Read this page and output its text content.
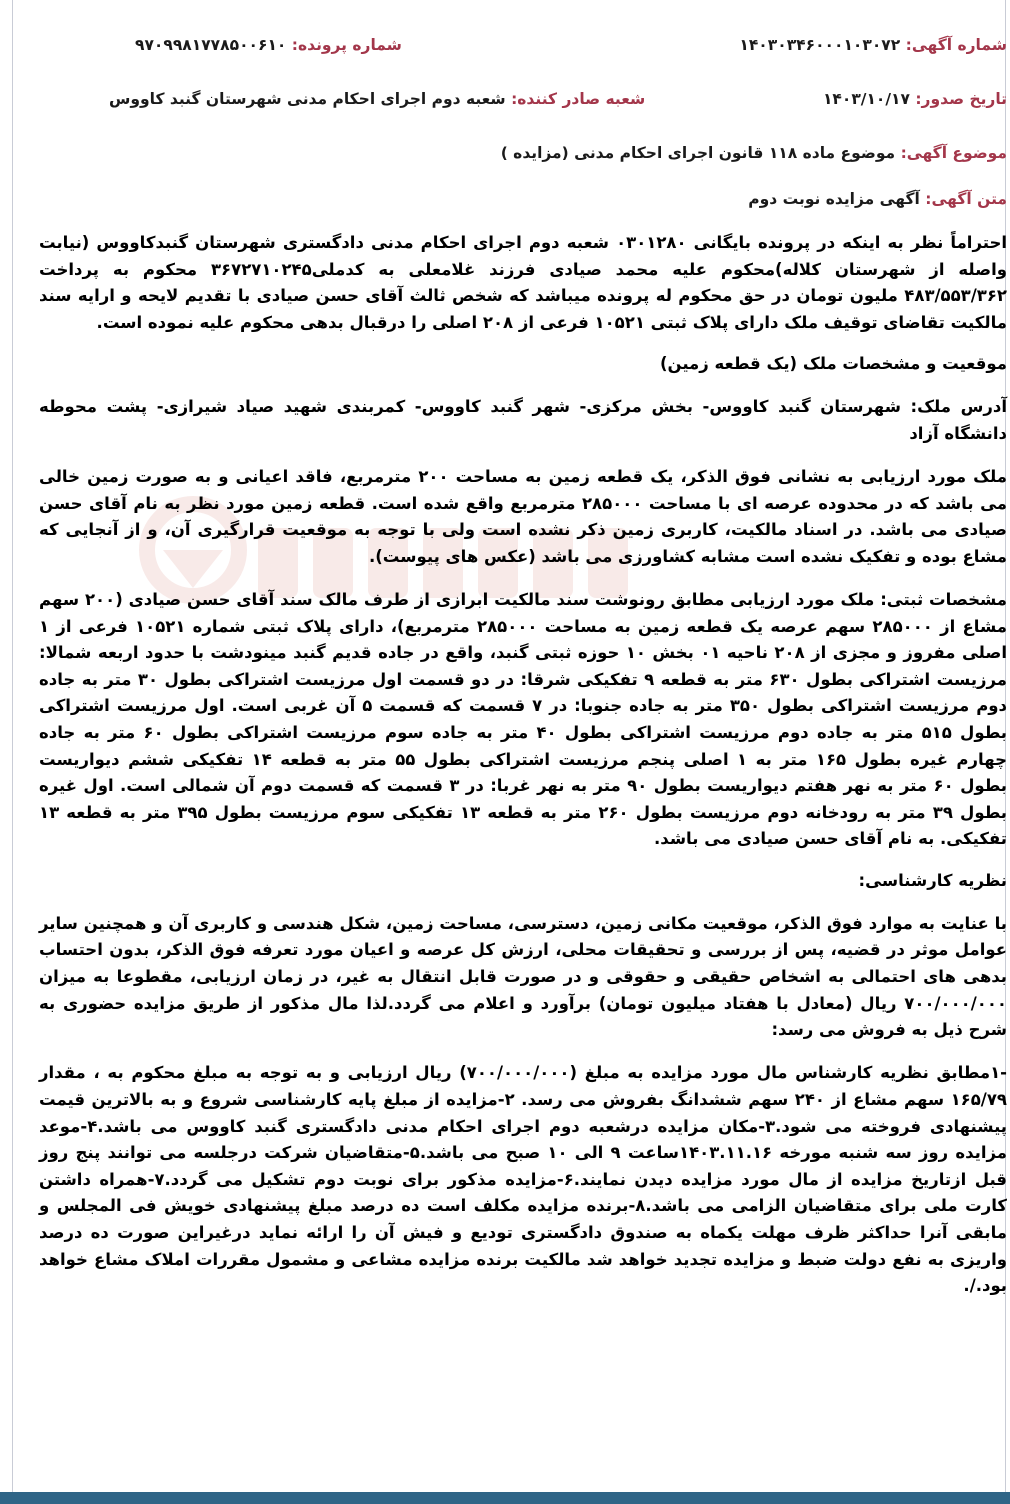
شماره آگهی: ۱۴۰۳۰۳۴۶۰۰۰۱۰۳۰۷۲
شماره پرونده: ۹۷۰۹۹۸۱۷۷۸۵۰۰۶۱۰
تاریخ صدور: ۱۴۰۳/۱۰/۱۷
شعبه صادر کننده: شعبه دوم اجرای احکام مدنی شهرستان گنبد کاووس
موضوع آگهی: موضوع ماده ۱۱۸ قانون اجرای احکام مدنی (مزایده )
متن آگهی: آگهی مزایده نوبت دوم

احتراماً نظر به اینکه در پرونده بایگانی ۰۳۰۱۲۸۰ شعبه دوم اجرای احکام مدنی دادگستری شهرستان گنبدکاووس (نیابت واصله از شهرستان کلاله)محکوم علیه محمد صیادی فرزند غلامعلی به کدملی۳۶۷۲۷۱۰۲۴۵ محکوم به پرداخت ۴۸۳/۵۵۳/۳۶۲ ملیون تومان در حق محکوم له پرونده میباشد که شخص ثالث آقای حسن صیادی با تقدیم لایحه و ارایه سند مالکیت تقاضای توقیف ملک دارای پلاک ثبتی ۱۰۵۲۱ فرعی از ۲۰۸ اصلی را درقبال بدهی محکوم علیه نموده است.

موقعیت و مشخصات ملک (یک قطعه زمین)

آدرس ملک: شهرستان گنبد کاووس- بخش مرکزی- شهر گنبد کاووس- کمربندی شهید صیاد شیرازی- پشت محوطه دانشگاه آزاد

ملک مورد ارزیابی به نشانی فوق الذکر، یک قطعه زمین به مساحت ۲۰۰ مترمربع، فاقد اعیانی و به صورت زمین خالی می باشد که در محدوده عرصه ای با مساحت ۲۸۵۰۰۰ مترمربع واقع شده است. قطعه زمین مورد نظر به نام آقای حسن صیادی می باشد. در اسناد مالکیت، کاربری زمین ذکر نشده است ولی با توجه به موقعیت قرارگیری آن، و از آنجایی که مشاع بوده و تفکیک نشده است مشابه کشاورزی می باشد (عکس های پیوست).

مشخصات ثبتی: ملک مورد ارزیابی مطابق رونوشت سند مالکیت ابرازی از طرف مالک سند آقای حسن صیادی (۲۰۰ سهم مشاع از ۲۸۵۰۰۰ سهم عرصه یک قطعه زمین به مساحت ۲۸۵۰۰۰ مترمربع)، دارای پلاک ثبتی شماره ۱۰۵۲۱ فرعی از ۱ اصلی مفروز و مجزی از ۲۰۸ ناحیه ۰۱ بخش ۱۰ حوزه ثبتی گنبد، واقع در جاده قدیم گنبد مینودشت با حدود اربعه شمالا: مرزیست اشتراکی بطول ۶۳۰ متر به قطعه ۹ تفکیکی شرقا: در دو قسمت اول مرزیست اشتراکی بطول ۳۰ متر به جاده دوم مرزیست اشتراکی بطول ۳۵۰ متر به جاده جنوبا: در ۷ قسمت که قسمت ۵ آن غربی است. اول مرزیست اشتراکی بطول ۵۱۵ متر به جاده دوم مرزیست اشتراکی بطول ۴۰ متر به جاده سوم مرزیست اشتراکی بطول ۶۰ متر به جاده چهارم غیره بطول ۱۶۵ متر به ۱ اصلی پنجم مرزیست اشتراکی بطول ۵۵ متر به قطعه ۱۴ تفکیکی ششم دیواریست بطول ۶۰ متر به نهر هفتم دیواریست بطول ۹۰ متر به نهر غربا: در ۳ قسمت که قسمت دوم آن شمالی است. اول غیره بطول ۳۹ متر به رودخانه دوم مرزیست بطول ۲۶۰ متر به قطعه ۱۳ تفکیکی سوم مرزیست بطول ۳۹۵ متر به قطعه ۱۳ تفکیکی. به نام آقای حسن صیادی می باشد.

نظریه کارشناسی:

با عنایت به موارد فوق الذکر، موقعیت مکانی زمین، دسترسی، مساحت زمین، شکل هندسی و کاربری آن و همچنین سایر عوامل موثر در قضیه، پس از بررسی و تحقیقات محلی، ارزش کل عرصه و اعیان مورد تعرفه فوق الذکر، بدون احتساب بدهی های احتمالی به اشخاص حقیقی و حقوقی و در صورت قابل انتقال به غیر، در زمان ارزیابی، مقطوعا به میزان ۷۰۰/۰۰۰/۰۰۰ ریال (معادل با هفتاد میلیون تومان) برآورد و اعلام می گردد.لذا مال مذکور از طریق مزایده حضوری به شرح ذیل به فروش می رسد:

-۱مطابق نظریه کارشناس مال مورد مزایده به مبلغ (۷۰۰/۰۰۰/۰۰۰) ریال ارزیابی و به توجه به مبلغ محکوم به ، مقدار ۱۶۵/۷۹ سهم مشاع از ۲۴۰ سهم ششدانگ بفروش می رسد. ۲-مزایده از مبلغ پایه کارشناسی شروع و به بالاترین قیمت پیشنهادی فروخته می شود.۳-مکان مزایده درشعبه دوم اجرای احکام مدنی دادگستری گنبد کاووس می باشد.۴-موعد مزایده روز سه شنبه مورخه ۱۴۰۳.۱۱.۱۶ساعت ۹ الی ۱۰ صبح می باشد.۵-متقاضیان شرکت درجلسه می توانند پنج روز قبل ازتاریخ مزایده از مال مورد مزایده دیدن نمایند.۶-مزایده مذکور برای نوبت دوم تشکیل می گردد.۷-همراه داشتن کارت ملی برای متقاضیان الزامی می باشد.۸-برنده مزایده مکلف است ده درصد مبلغ پیشنهادی خویش فی المجلس و مابقی آنرا حداکثر ظرف مهلت یکماه به صندوق دادگستری تودیع و فیش آن را ارائه نماید درغیراین صورت ده درصد واریزی به نفع دولت ضبط و مزایده تجدید خواهد شد مالکیت برنده مزایده مشاعی و مشمول مقررات املاک مشاع خواهد بود./.
